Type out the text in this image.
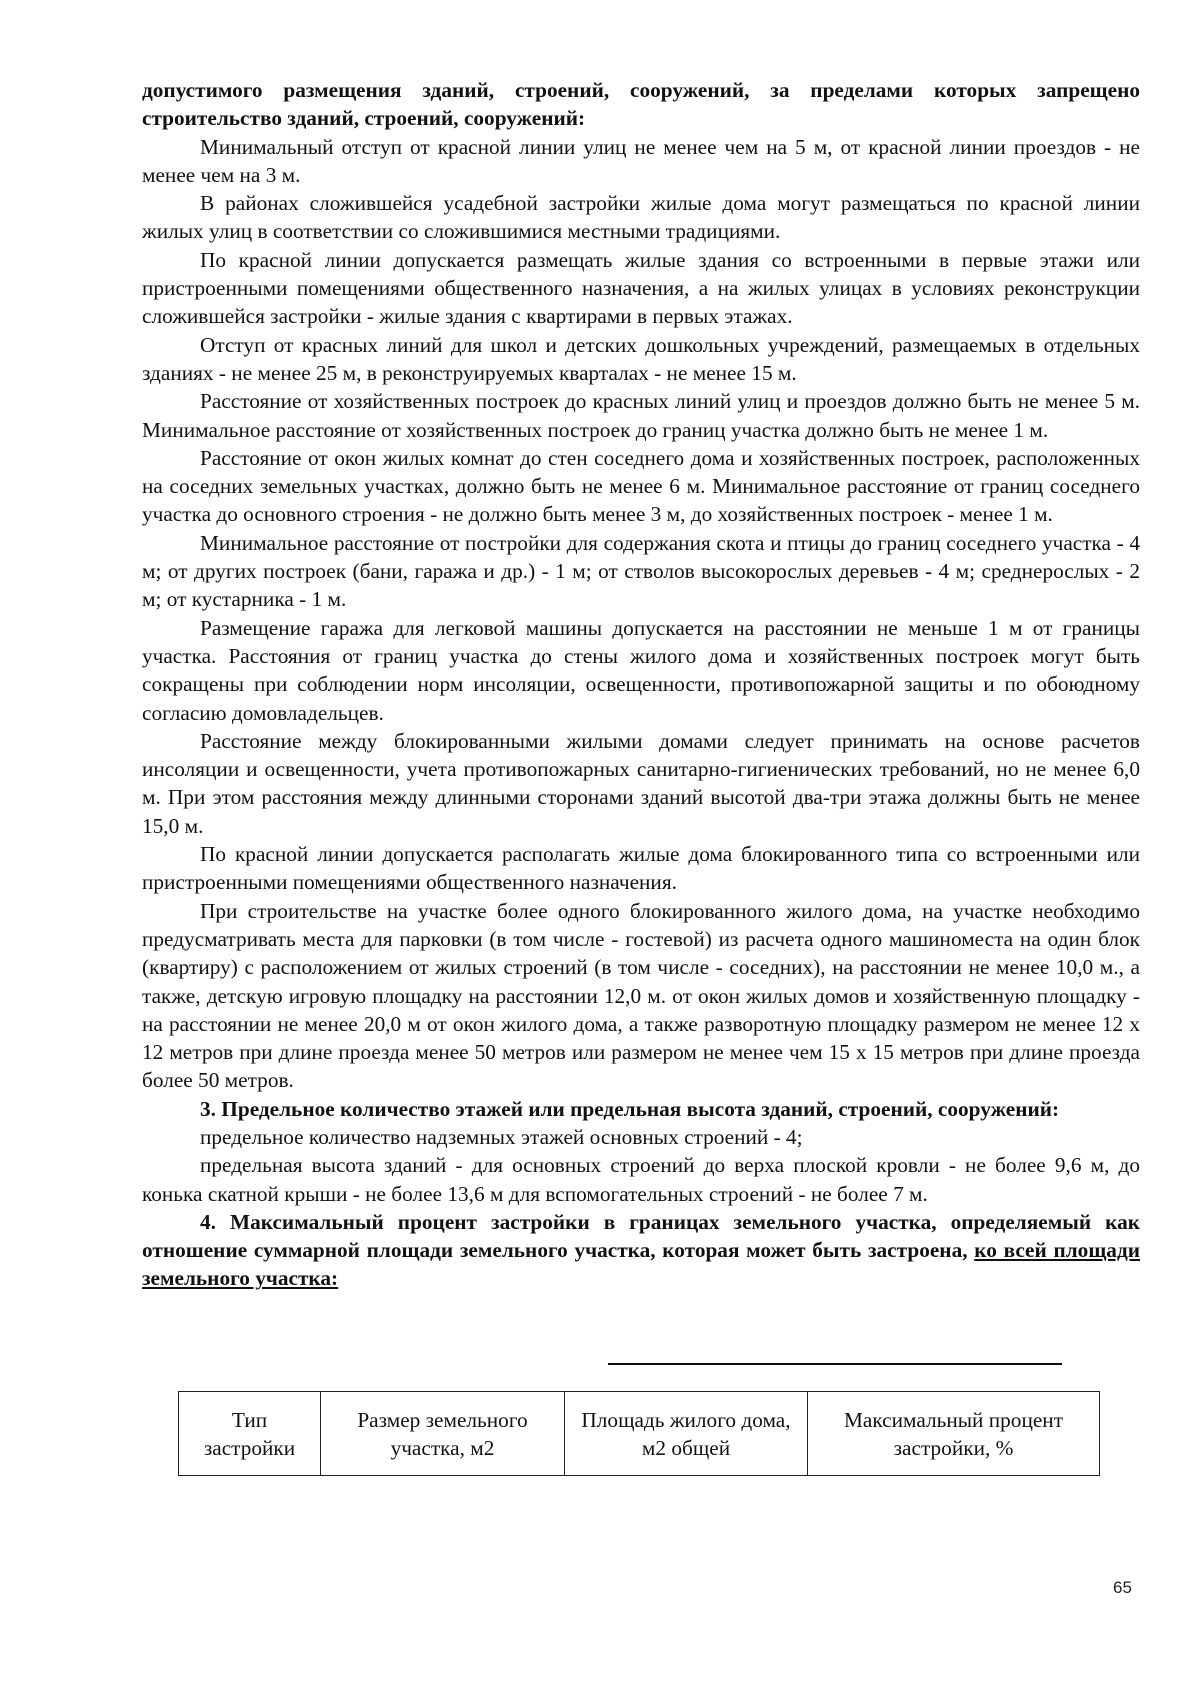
допустимого размещения зданий, строений, сооружений, за пределами которых запрещено строительство зданий, строений, сооружений:

Минимальный отступ от красной линии улиц не менее чем на 5 м, от красной линии проездов - не менее чем на 3 м.

В районах сложившейся усадебной застройки жилые дома могут размещаться по красной линии жилых улиц в соответствии со сложившимися местными традициями.

По красной линии допускается размещать жилые здания со встроенными в первые этажи или пристроенными помещениями общественного назначения, а на жилых улицах в условиях реконструкции сложившейся застройки - жилые здания с квартирами в первых этажах.

Отступ от красных линий для школ и детских дошкольных учреждений, размещаемых в отдельных зданиях - не менее 25 м, в реконструируемых кварталах - не менее 15 м.

Расстояние от хозяйственных построек до красных линий улиц и проездов должно быть не менее 5 м. Минимальное расстояние от хозяйственных построек до границ участка должно быть не менее 1 м.

Расстояние от окон жилых комнат до стен соседнего дома и хозяйственных построек, расположенных на соседних земельных участках, должно быть не менее 6 м. Минимальное расстояние от границ соседнего участка до основного строения - не должно быть менее 3 м, до хозяйственных построек - менее 1 м.

Минимальное расстояние от постройки для содержания скота и птицы до границ соседнего участка - 4 м; от других построек (бани, гаража и др.) - 1 м; от стволов высокорослых деревьев - 4 м; среднерослых - 2 м; от кустарника - 1 м.

Размещение гаража для легковой машины допускается на расстоянии не меньше 1 м от границы участка. Расстояния от границ участка до стены жилого дома и хозяйственных построек могут быть сокращены при соблюдении норм инсоляции, освещенности, противопожарной защиты и по обоюдному согласию домовладельцев.

Расстояние между блокированными жилыми домами следует принимать на основе расчетов инсоляции и освещенности, учета противопожарных санитарно-гигиенических требований, но не менее 6,0 м. При этом расстояния между длинными сторонами зданий высотой два-три этажа должны быть не менее 15,0 м.

По красной линии допускается располагать жилые дома блокированного типа со встроенными или пристроенными помещениями общественного назначения.

При строительстве на участке более одного блокированного жилого дома, на участке необходимо предусматривать места для парковки (в том числе - гостевой) из расчета одного машиноместа на один блок (квартиру) с расположением от жилых строений (в том числе - соседних), на расстоянии не менее 10,0 м., а также, детскую игровую площадку на расстоянии 12,0 м. от окон жилых домов и хозяйственную площадку - на расстоянии не менее 20,0 м от окон жилого дома, а также разворотную площадку размером не менее 12 х 12 метров при длине проезда менее 50 метров или размером не менее чем 15 х 15 метров при длине проезда более 50 метров.

3. Предельное количество этажей или предельная высота зданий, строений, сооружений:

предельное количество надземных этажей основных строений - 4;

предельная высота зданий - для основных строений до верха плоской кровли - не более 9,6 м, до конька скатной крыши - не более 13,6 м для вспомогательных строений - не более 7 м.

4. Максимальный процент застройки в границах земельного участка, определяемый как отношение суммарной площади земельного участка, которая может быть застроена, ко всей площади земельного участка:

Тип застройки	Размер земельного участка, м2	Площадь жилого дома, м2 общей	Максимальный процент застройки, %
65
